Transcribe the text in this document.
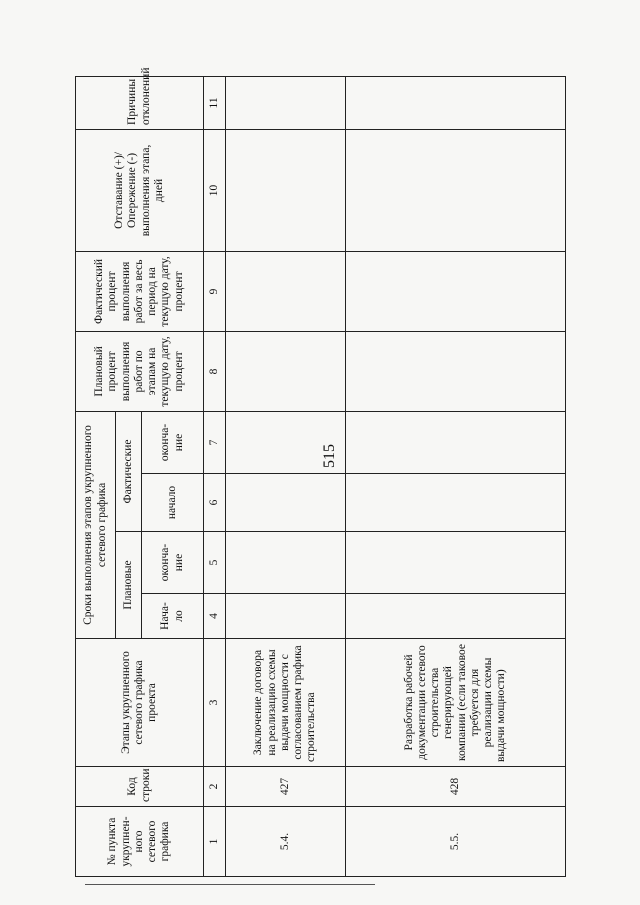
515
№ пункта укрупнен-ного сетевого графика	Код строки	Этапы укрупненного сетевого графика проекта	Сроки выполнения этапов укрупненного сетевого графика				Плановый процент выполнения работ по этапам на текущую дату, процент	Фактический процент выполнения работ за весь период на текущую дату, процент	Отставание (+)/Опережение (-) выполнения этапа, дней	Причины отклонений
			Плановые		Фактические					
			Нача-ло	оконча-ние	начало	оконча-ние				
1	2	3	4	5	6	7	8	9	10	11
5.4.	427	Заключение договора на реализацию схемы выдачи мощности с согласованием графика строительства								
5.5.	428	Разработка рабочей документации сетевого строительства генерирующей компании (если таковое требуется для реализации схемы выдачи мощности)								
